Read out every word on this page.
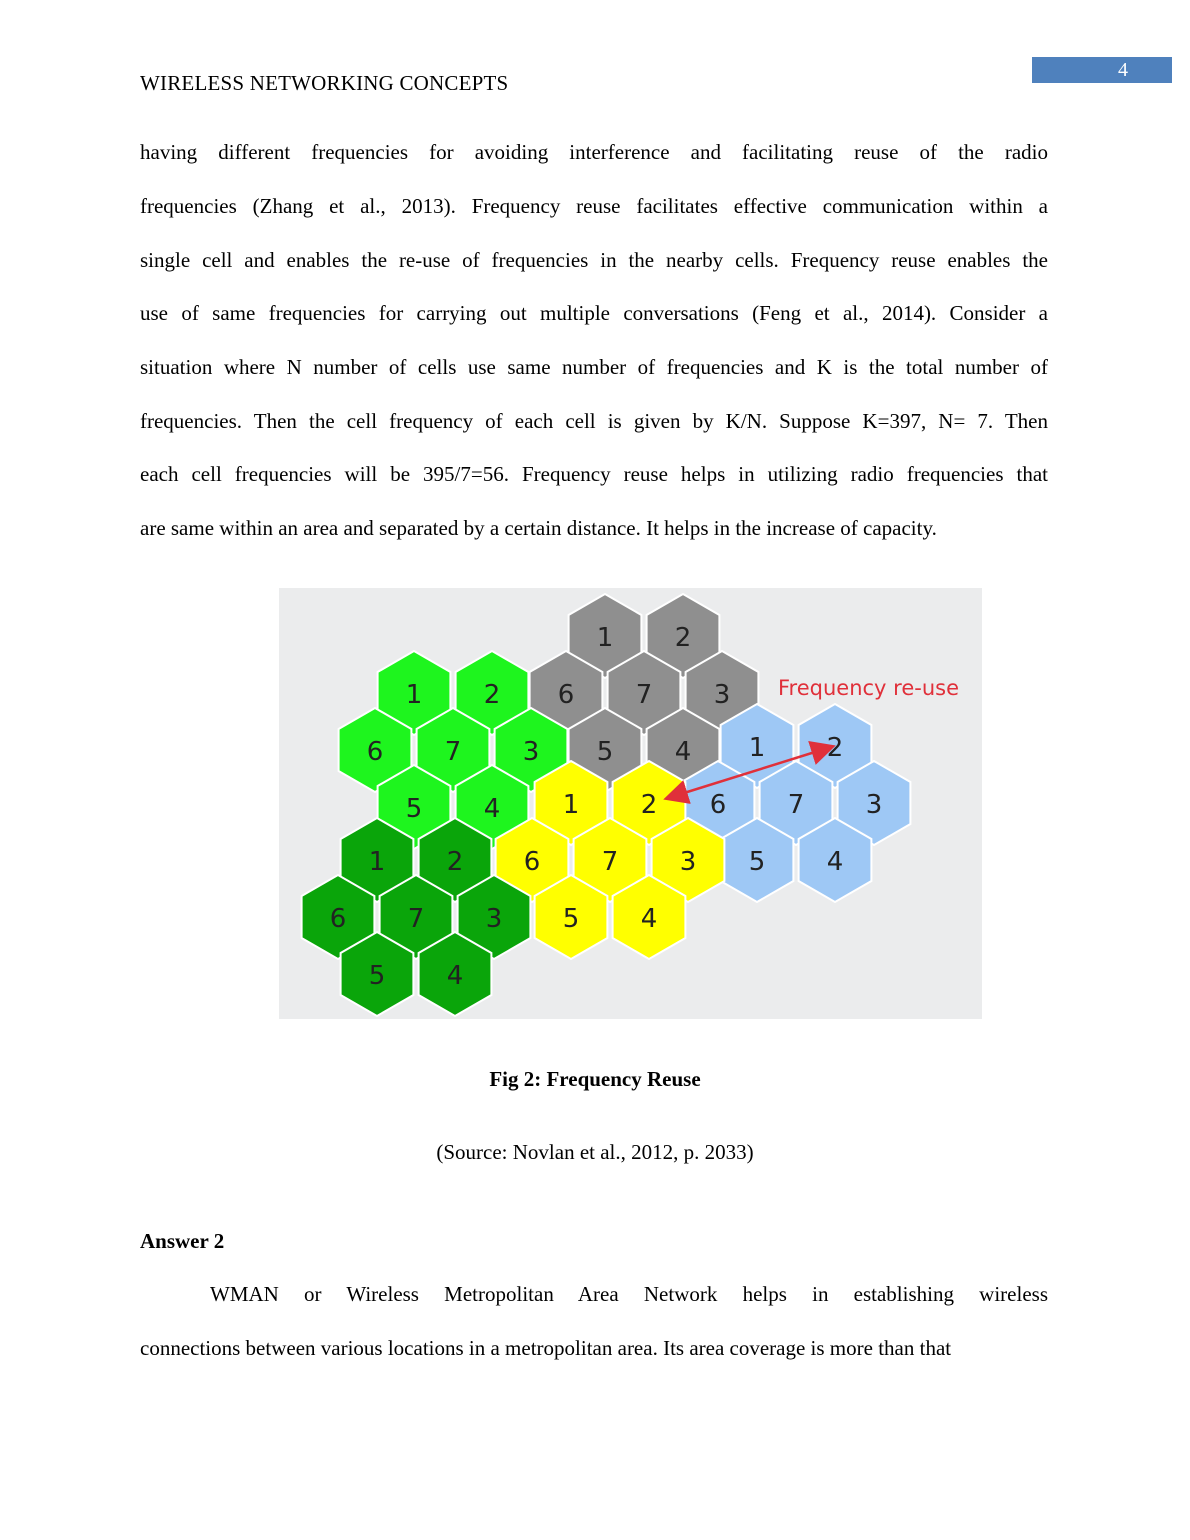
4
WIRELESS NETWORKING CONCEPTS
having different frequencies for avoiding interference and facilitating reuse of the radio
frequencies (Zhang et al., 2013). Frequency reuse facilitates effective communication within a
single cell and enables the re-use of frequencies in the nearby cells. Frequency reuse enables the
use of same frequencies for carrying out multiple conversations (Feng et al., 2014). Consider a
situation where N number of cells use same number of frequencies and K is the total number of
frequencies. Then the cell frequency of each cell is given by K/N. Suppose K=397, N= 7. Then
each cell frequencies will be 395/7=56. Frequency reuse helps in utilizing radio frequencies that
are same within an area and separated by a certain distance. It helps in the increase of capacity.
1 2
6 7 3
5 4
1 2
6 7 3
5 4
1 2
6 7 3
5 4
1 2
6 7 3
5 4
1 2
6 7 3
5 4
Frequency re-use
Fig 2: Frequency Reuse
(Source: Novlan et al., 2012, p. 2033)
Answer 2
WMAN or Wireless Metropolitan Area Network helps in establishing wireless
connections between various locations in a metropolitan area. Its area coverage is more than that
